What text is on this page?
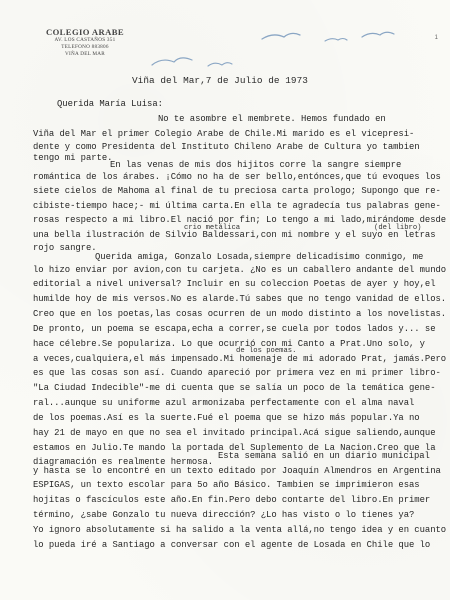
COLEGIO ARABE
AV. LOS CASTAÑOS 351
TELEFONO 883806
VIÑA DEL MAR
1
Viña del Mar,7 de Julio de 1973
Querida María Luisa:
No te asombre el membrete. Hemos fundado en
Viña del Mar el primer Colegio Arabe de Chile.Mi marido es el vicepresi-
dente y como Presidenta del Instituto Chileno Arabe de Cultura yo tambien
tengo mi parte.
En las venas de mis dos hijitos corre la sangre siempre
romántica de los árabes. ¡Cómo no ha de ser bello,entónces,que tú evoques los
siete cielos de Mahoma al final de tu preciosa carta prologo; Supongo que re-
cibiste-tiempo hace;- mi última carta.En ella te agradecía tus palabras gene-
rosas respecto a mi libro.El nació por fin; Lo tengo a mi lado,mirándome desde
una bella ilustración de Silvio Baldessari,con mi nombre y el suyo en letras
rojo sangre.
Querida amiga, Gonzalo Losada,siempre delicadísimo conmigo, me
lo hizo enviar por avion,con tu carjeta. ¿No es un caballero andante del mundo
editorial a nivel universal? Incluir en su coleccion Poetas de ayer y hoy,el
humilde hoy de mis versos.No es alarde.Tú sabes que no tengo vanidad de ellos.
Creo que en los poetas,las cosas ocurren de un modo distinto a los novelistas.
De pronto, un poema se escapa,echa a correr,se cuela por todos lados y... se
hace célebre.Se populariza. Lo que ocurrió con mi Canto a Prat.Uno solo, y
a veces,cualquiera,el más impensado.Mi homenaje de mi adorado Prat, jamás.Pero
es que las cosas son así. Cuando apareció por primera vez en mi primer libro-
"La Ciudad Indecible"-me di cuenta que se salía un poco de la temática gene-
ral...aunque su uniforme azul armonizaba perfectamente con el alma naval
de los poemas.Así es la suerte.Fué el poema que se hizo más popular.Ya no
hay 21 de mayo en que no sea el invitado principal.Acá sigue saliendo,aunque
estamos en Julio.Te mando la portada del Suplemento de La Nacion.Creo que la
diagramación es realmente hermosa.
Esta semana salió en un diario municipal
y hasta se lo encontré en un texto editado por Joaquín Almendros en Argentina
ESPIGAS, un texto escolar para 5o año Básico. Tambien se imprimieron esas
hojitas o fascículos este año.En fin.Pero debo contarte del libro.En primer
término, ¿sabe Gonzalo tu nueva dirección? ¿Lo has visto o lo tienes ya?
Yo ignoro absolutamente si ha salido a la venta allá,no tengo idea y en cuanto
lo pueda iré a Santiago a conversar con el agente de Losada en Chile que lo
crio metálica	(del libro)
de los poemas.
